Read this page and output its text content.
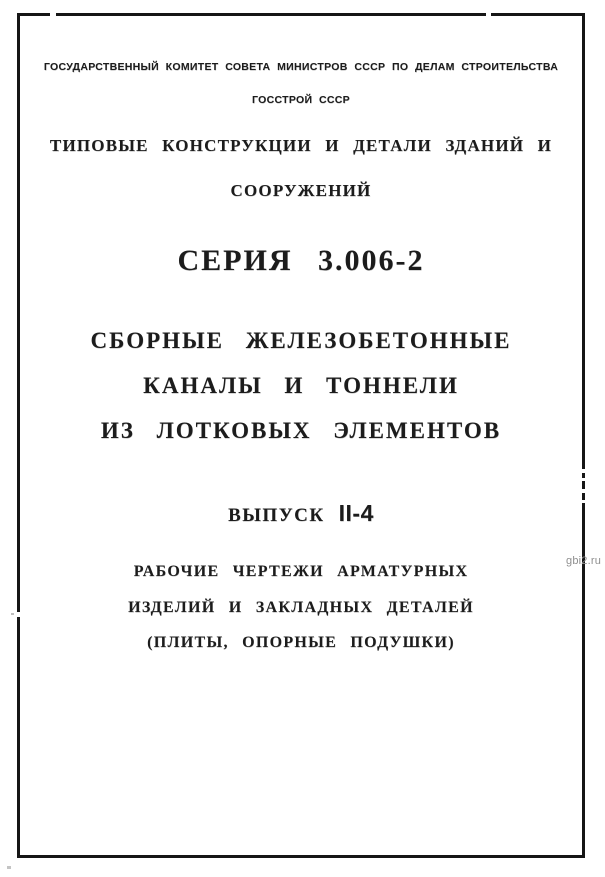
ГОСУДАРСТВЕННЫЙ КОМИТЕТ СОВЕТА МИНИСТРОВ СССР ПО ДЕЛАМ СТРОИТЕЛЬСТВА
ГОССТРОЙ СССР
ТИПОВЫЕ КОНСТРУКЦИИ И ДЕТАЛИ ЗДАНИЙ И
СООРУЖЕНИЙ
СЕРИЯ 3.006-2
СБОРНЫЕ ЖЕЛЕЗОБЕТОННЫЕ
КАНАЛЫ И ТОННЕЛИ
ИЗ ЛОТКОВЫХ ЭЛЕМЕНТОВ
ВЫПУСК II-4
РАБОЧИЕ ЧЕРТЕЖИ АРМАТУРНЫХ
ИЗДЕЛИЙ И ЗАКЛАДНЫХ ДЕТАЛЕЙ
(ПЛИТЫ, ОПОРНЫЕ ПОДУШКИ)
gbi2.ru
